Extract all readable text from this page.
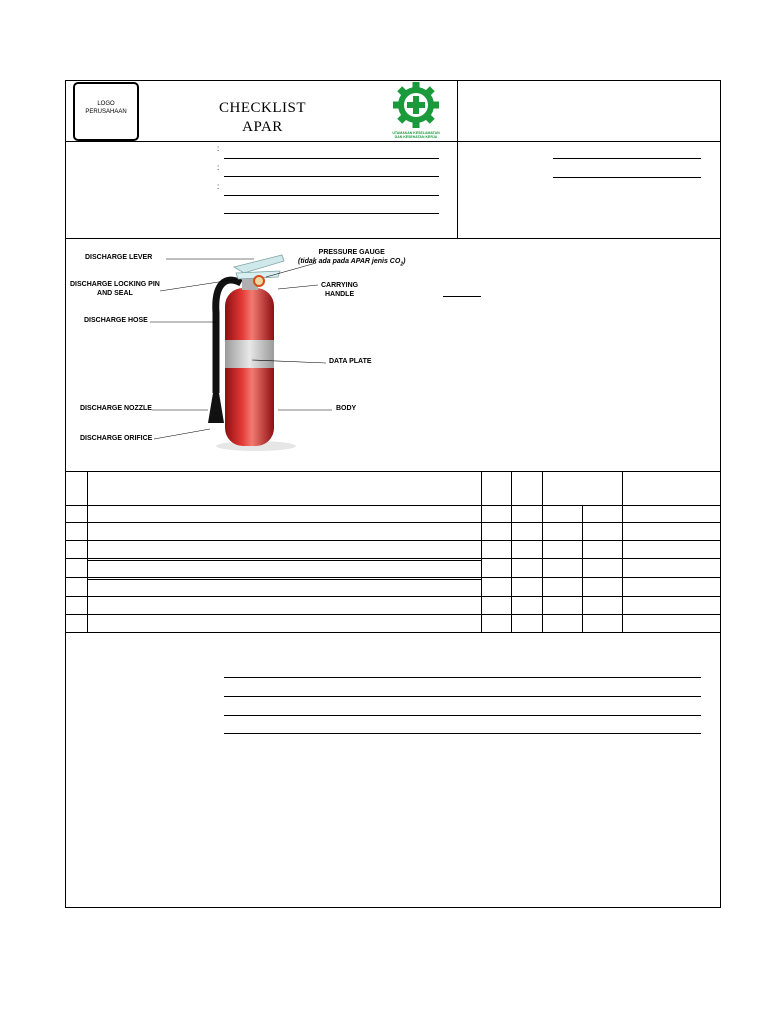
LOGO
PERUSAHAAN	CHECKLIST
APAR	UTAMAKAN KESELAMATAN
DAN KESEHATAN KERJA
:
:
:
DISCHARGE LEVER
DISCHARGE LOCKING PIN
AND SEAL
DISCHARGE HOSE
DISCHARGE NOZZLE
DISCHARGE ORIFICE
PRESSURE GAUGE
(tidak ada pada APAR jenis $CO_2$)
CARRYING
HANDLE
DATA PLATE
BODY
